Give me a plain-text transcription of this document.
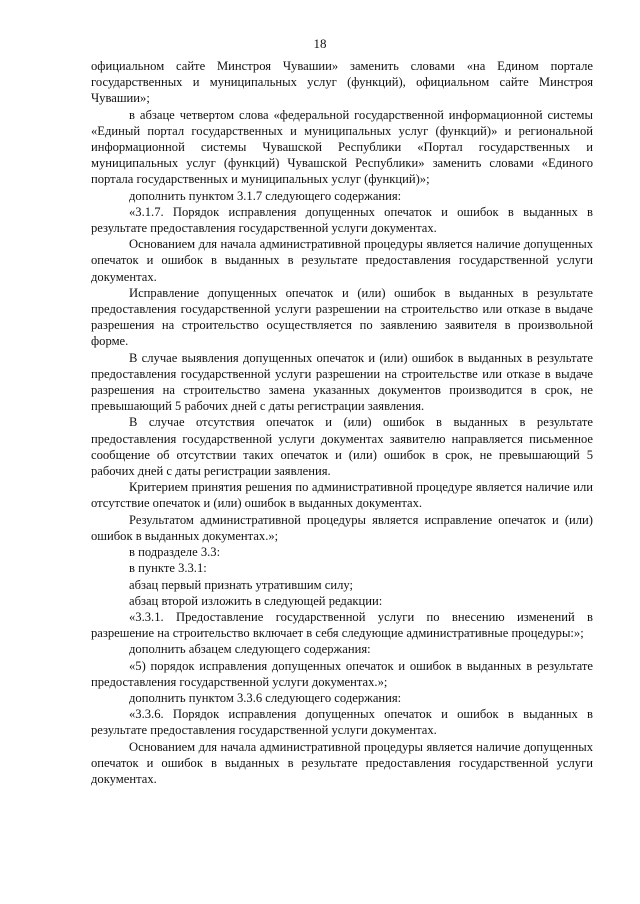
18

официальном сайте Минстроя Чувашии» заменить словами «на Едином портале государственных и муниципальных услуг (функций), официальном сайте Минстроя Чувашии»;

в абзаце четвертом слова «федеральной государственной информационной системы «Единый портал государственных и муниципальных услуг (функций)» и региональной информационной системы Чувашской Республики «Портал государственных и муниципальных услуг (функций) Чувашской Республики» заменить словами «Единого портала государственных и муниципальных услуг (функций)»;

дополнить пунктом 3.1.7 следующего содержания:

«3.1.7. Порядок исправления допущенных опечаток и ошибок в выданных в результате предоставления государственной услуги документах.

Основанием для начала административной процедуры является наличие допущенных опечаток и ошибок в выданных в результате предоставления государственной услуги документах.

Исправление допущенных опечаток и (или) ошибок в выданных в результате предоставления государственной услуги разрешении на строительство или отказе в выдаче разрешения на строительство осуществляется по заявлению заявителя в произвольной форме.

В случае выявления допущенных опечаток и (или) ошибок в выданных в результате предоставления государственной услуги разрешении на строительстве или отказе в выдаче разрешения на строительство замена указанных документов производится в срок, не превышающий 5 рабочих дней с даты регистрации заявления.

В случае отсутствия опечаток и (или) ошибок в выданных в результате предоставления государственной услуги документах заявителю направляется письменное сообщение об отсутствии таких опечаток и (или) ошибок в срок, не превышающий 5 рабочих дней с даты регистрации заявления.

Критерием принятия решения по административной процедуре является наличие или отсутствие опечаток и (или) ошибок в выданных документах.

Результатом административной процедуры является исправление опечаток и (или) ошибок в выданных документах.»;

в подразделе 3.3:

в пункте 3.3.1:

абзац первый признать утратившим силу;

абзац второй изложить в следующей редакции:

«3.3.1. Предоставление государственной услуги по внесению изменений в разрешение на строительство включает в себя следующие административные процедуры:»;

дополнить абзацем следующего содержания:

«5) порядок исправления допущенных опечаток и ошибок в выданных в результате предоставления государственной услуги документах.»;

дополнить пунктом 3.3.6 следующего содержания:

«3.3.6. Порядок исправления допущенных опечаток и ошибок в выданных в результате предоставления государственной услуги документах.

Основанием для начала административной процедуры является наличие допущенных опечаток и ошибок в выданных в результате предоставления государственной услуги документах.
